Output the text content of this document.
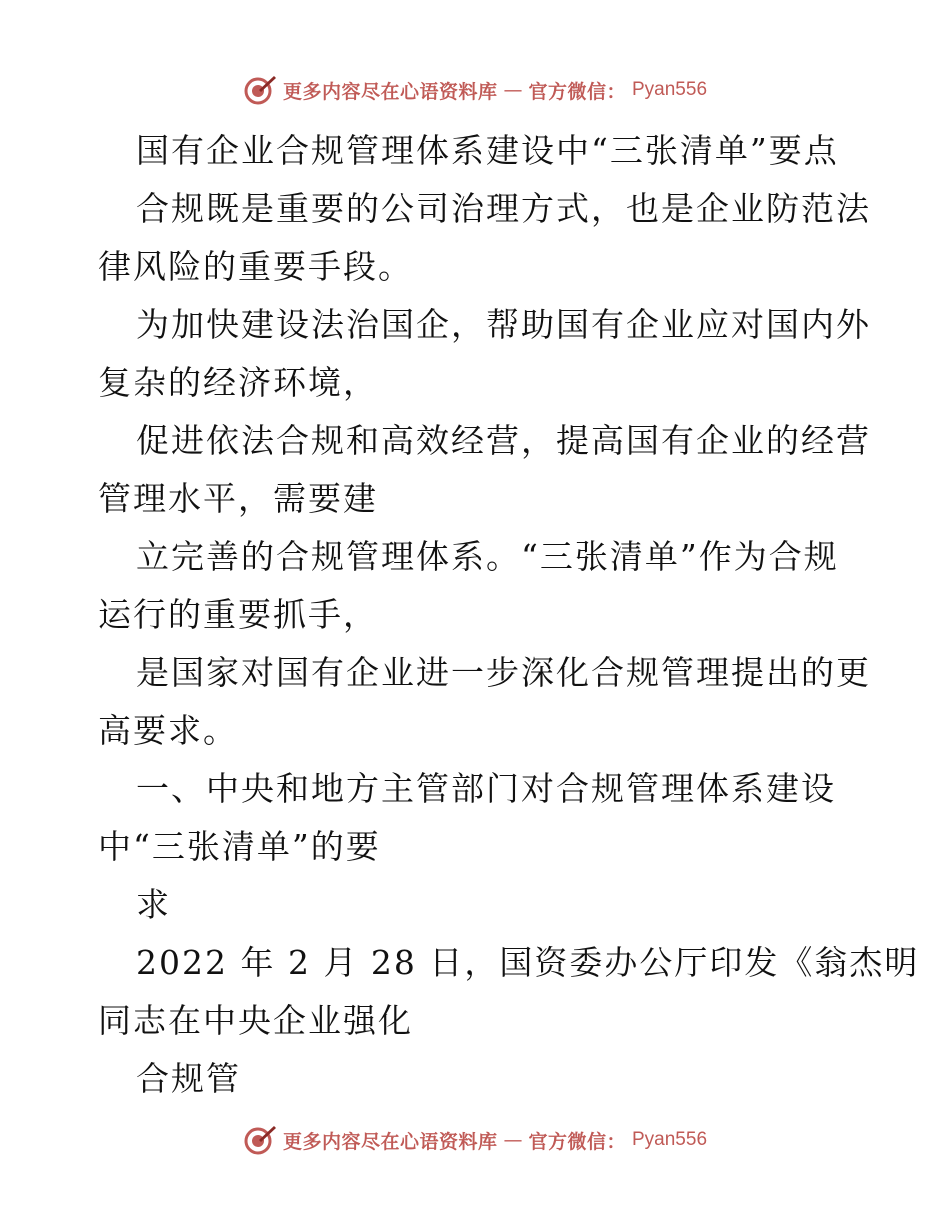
更多内容尽在心语资料库 — 官方微信： Pyan556
国有企业合规管理体系建设中“三张清单”要点
合规既是重要的公司治理方式，也是企业防范法
律风险的重要手段。
为加快建设法治国企，帮助国有企业应对国内外
复杂的经济环境，
促进依法合规和高效经营，提高国有企业的经营
管理水平，需要建
立完善的合规管理体系。“三张清单”作为合规
运行的重要抓手，
是国家对国有企业进一步深化合规管理提出的更
高要求。
一、中央和地方主管部门对合规管理体系建设
中“三张清单”的要
求
2022 年 2 月 28 日，国资委办公厅印发《翁杰明
同志在中央企业强化
合规管
更多内容尽在心语资料库 — 官方微信： Pyan556
